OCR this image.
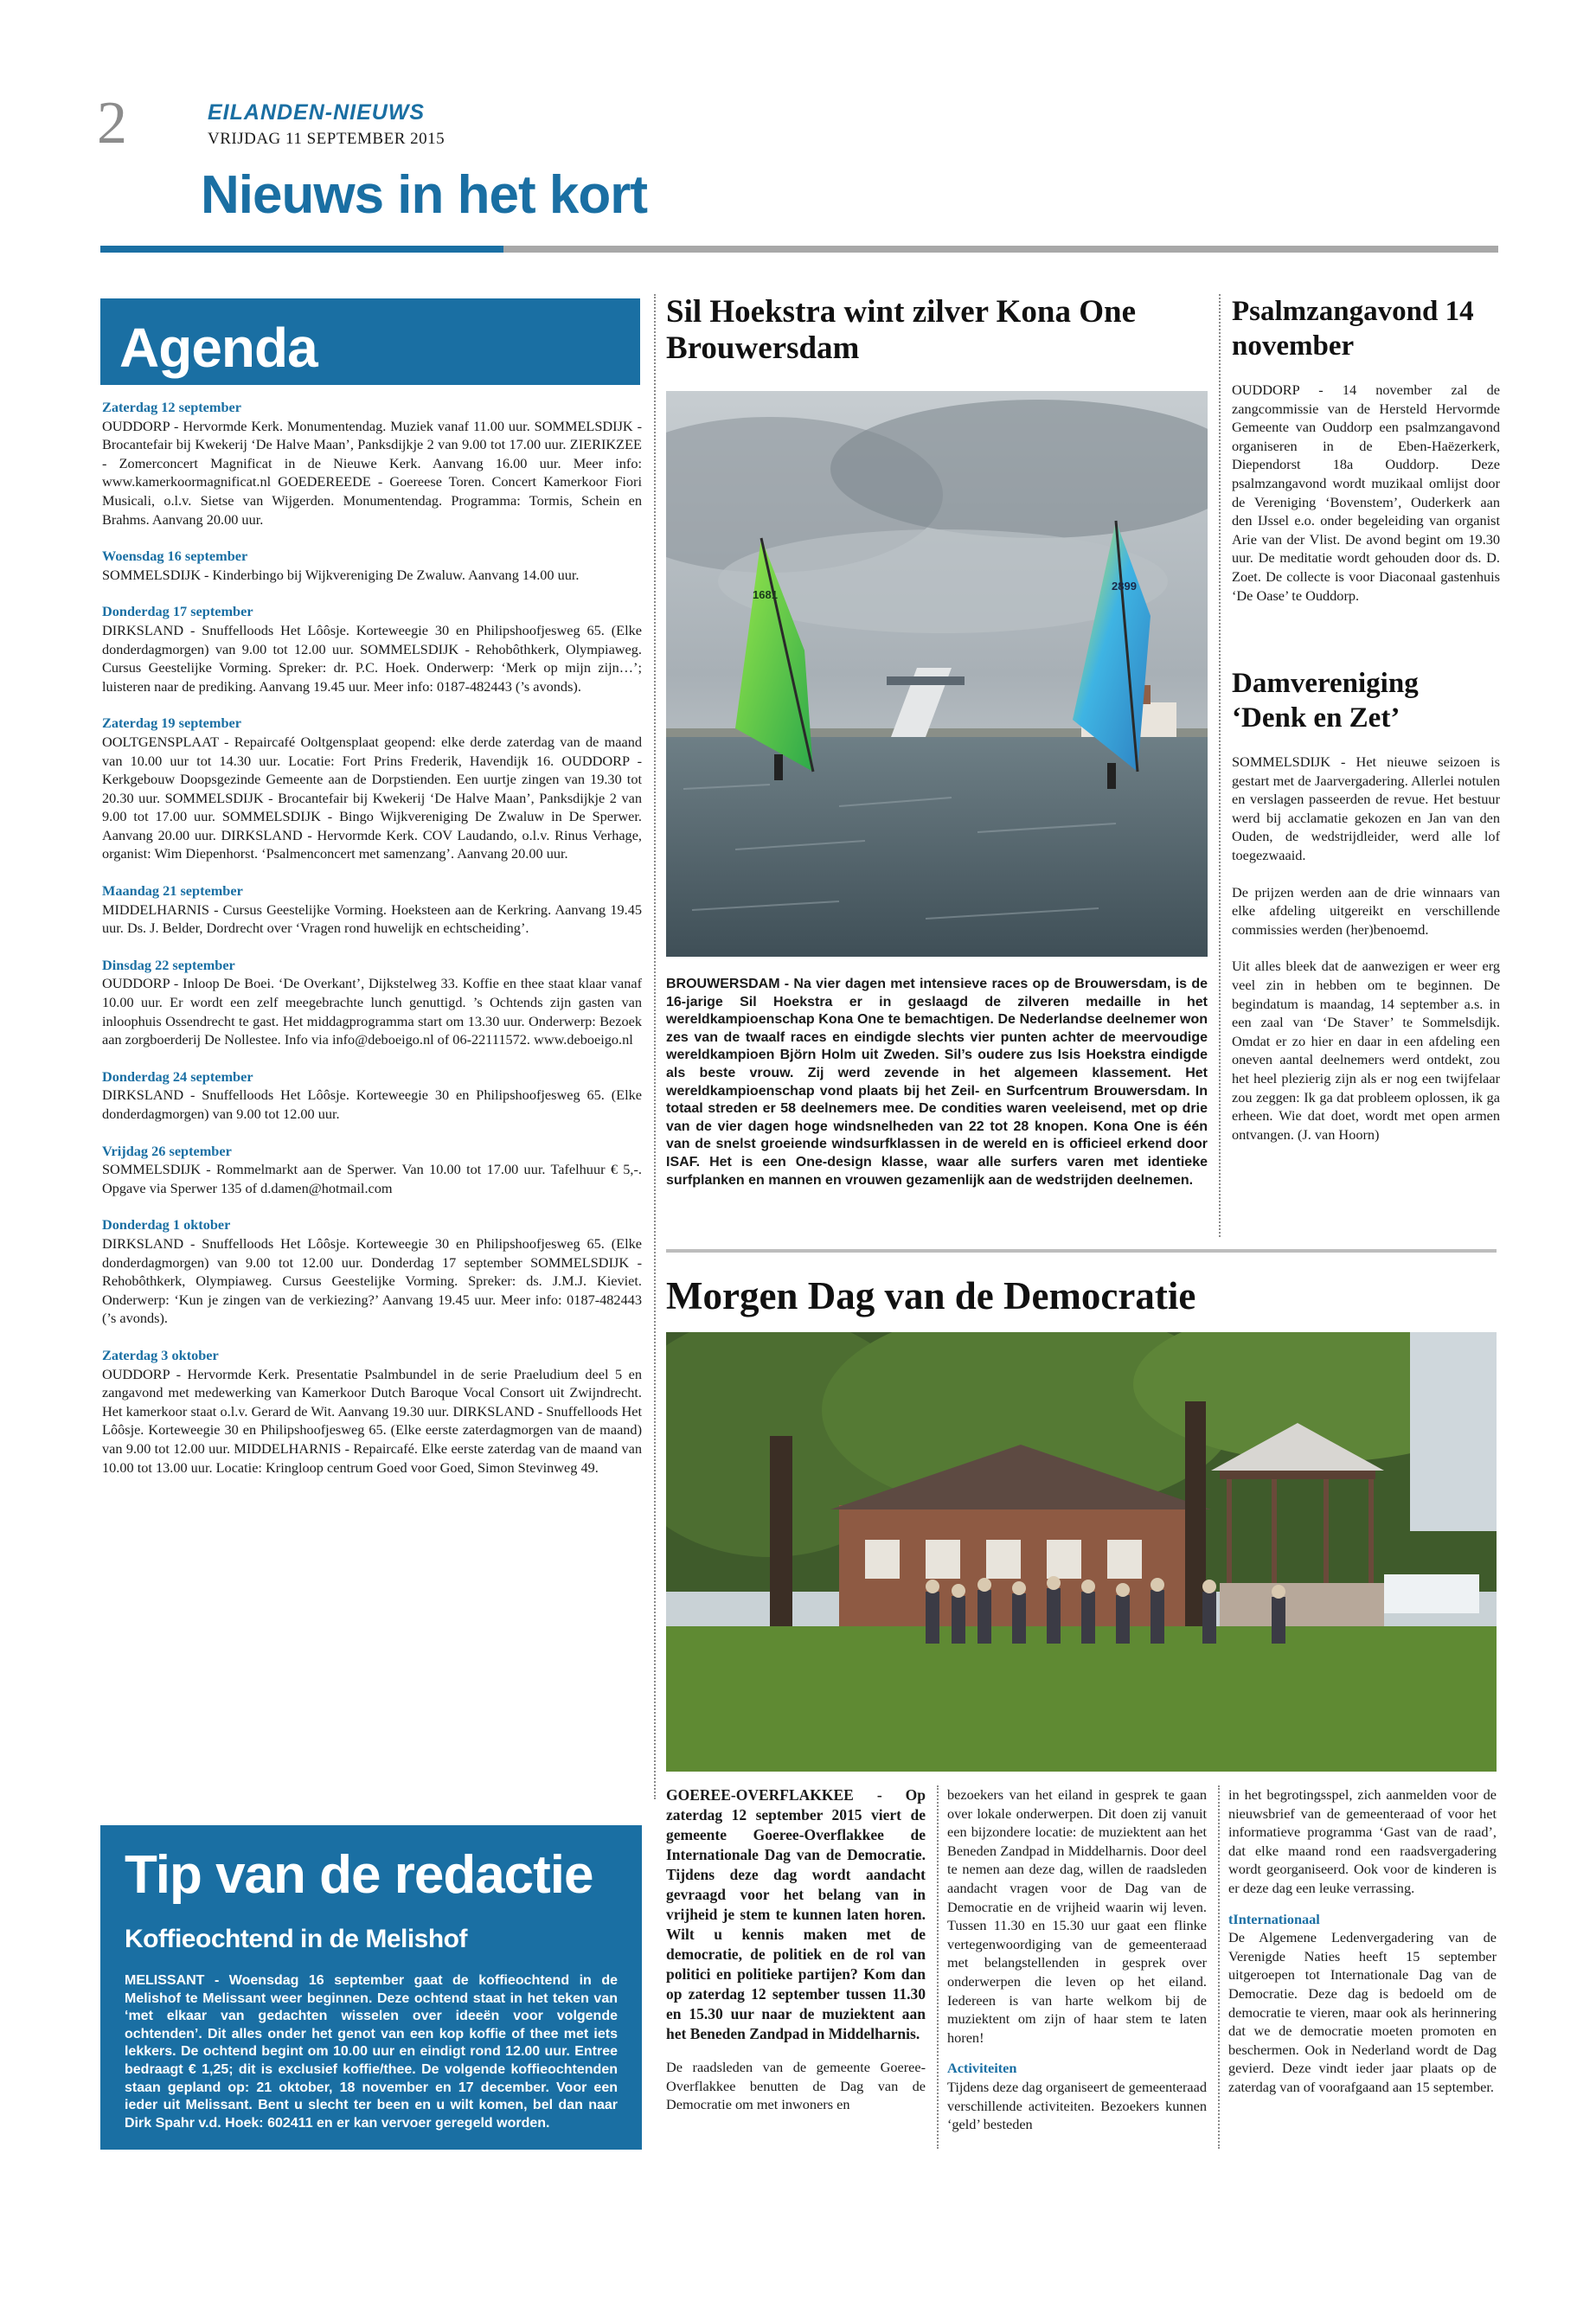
2	EILANDEN-NIEUWS
VRIJDAG 11 SEPTEMBER 2015
Nieuws in het kort
Agenda
Zaterdag 12 september
OUDDORP - Hervormde Kerk. Monumentendag. Muziek vanaf 11.00 uur. SOMMELSDIJK - Brocantefair bij Kwekerij ‘De Halve Maan’, Panksdijkje 2 van 9.00 tot 17.00 uur. ZIERIKZEE - Zomerconcert Magnificat in de Nieuwe Kerk. Aanvang 16.00 uur. Meer info: www.kamerkoormagnificat.nl GOEDEREEDE - Goereese Toren. Concert Kamerkoor Fiori Musicali, o.l.v. Sietse van Wijgerden. Monumentendag. Programma: Tormis, Schein en Brahms. Aanvang 20.00 uur.
Woensdag 16 september
SOMMELSDIJK - Kinderbingo bij Wijkvereniging De Zwaluw. Aanvang 14.00 uur.
Donderdag 17 september
DIRKSLAND - Snuffelloods Het Lôôsje. Korteweegie 30 en Philipshoofjesweg 65. (Elke donderdagmorgen) van 9.00 tot 12.00 uur. SOMMELSDIJK - Rehobôthkerk, Olympiaweg. Cursus Geestelijke Vorming. Spreker: dr. P.C. Hoek. Onderwerp: ‘Merk op mijn zijn…’; luisteren naar de prediking. Aanvang 19.45 uur. Meer info: 0187-482443 (’s avonds).
Zaterdag 19 september
OOLTGENSPLAAT - Repaircafé Ooltgensplaat geopend: elke derde zaterdag van de maand van 10.00 uur tot 14.30 uur. Locatie: Fort Prins Frederik, Havendijk 16. OUDDORP - Kerkgebouw Doopsgezinde Gemeente aan de Dorpstienden. Een uurtje zingen van 19.30 tot 20.30 uur. SOMMELSDIJK - Brocantefair bij Kwekerij ‘De Halve Maan’, Panksdijkje 2 van 9.00 tot 17.00 uur. SOMMELSDIJK - Bingo Wijkvereniging De Zwaluw in De Sperwer. Aanvang 20.00 uur. DIRKSLAND - Hervormde Kerk. COV Laudando, o.l.v. Rinus Verhage, organist: Wim Diepenhorst. ‘Psalmenconcert met samenzang’. Aanvang 20.00 uur.
Maandag 21 september
MIDDELHARNIS - Cursus Geestelijke Vorming. Hoeksteen aan de Kerkring. Aanvang 19.45 uur. Ds. J. Belder, Dordrecht over ‘Vragen rond huwelijk en echtscheiding’.
Dinsdag 22 september
OUDDORP - Inloop De Boei. ‘De Overkant’, Dijkstelweg 33. Koffie en thee staat klaar vanaf 10.00 uur. Er wordt een zelf meegebrachte lunch genuttigd. ’s Ochtends zijn gasten van inloophuis Ossendrecht te gast. Het middagprogramma start om 13.30 uur. Onderwerp: Bezoek aan zorgboerderij De Nollestee. Info via info@deboeigo.nl of 06-22111572. www.deboeigo.nl
Donderdag 24 september
DIRKSLAND - Snuffelloods Het Lôôsje. Korteweegie 30 en Philipshoofjesweg 65. (Elke donderdagmorgen) van 9.00 tot 12.00 uur.
Vrijdag 26 september
SOMMELSDIJK - Rommelmarkt aan de Sperwer. Van 10.00 tot 17.00 uur. Tafelhuur € 5,-. Opgave via Sperwer 135 of d.damen@hotmail.com
Donderdag 1 oktober
DIRKSLAND - Snuffelloods Het Lôôsje. Korteweegie 30 en Philipshoofjesweg 65. (Elke donderdagmorgen) van 9.00 tot 12.00 uur. Donderdag 17 september SOMMELSDIJK - Rehobôthkerk, Olympiaweg. Cursus Geestelijke Vorming. Spreker: ds. J.M.J. Kieviet. Onderwerp: ‘Kun je zingen van de verkiezing?’ Aanvang 19.45 uur. Meer info: 0187-482443 (’s avonds).
Zaterdag 3 oktober
OUDDORP - Hervormde Kerk. Presentatie Psalmbundel in de serie Praeludium deel 5 en zangavond met medewerking van Kamerkoor Dutch Baroque Vocal Consort uit Zwijndrecht. Het kamerkoor staat o.l.v. Gerard de Wit. Aanvang 19.30 uur. DIRKSLAND - Snuffelloods Het Lôôsje. Korteweegie 30 en Philipshoofjesweg 65. (Elke eerste zaterdagmorgen van de maand) van 9.00 tot 12.00 uur. MIDDELHARNIS - Repaircafé. Elke eerste zaterdag van de maand van 10.00 tot 13.00 uur. Locatie: Kringloop centrum Goed voor Goed, Simon Stevinweg 49.
Sil Hoekstra wint zilver Kona One Brouwersdam
1681
2899
BROUWERSDAM - Na vier dagen met intensieve races op de Brouwersdam, is de 16-jarige Sil Hoekstra er in geslaagd de zilveren medaille in het wereldkampioenschap Kona One te bemachtigen. De Nederlandse deelnemer won zes van de twaalf races en eindigde slechts vier punten achter de meervoudige wereldkampioen Björn Holm uit Zweden. Sil’s oudere zus Isis Hoekstra eindigde als beste vrouw. Zij werd zevende in het algemeen klassement. Het wereldkampioenschap vond plaats bij het Zeil- en Surfcentrum Brouwersdam. In totaal streden er 58 deelnemers mee. De condities waren veeleisend, met op drie van de vier dagen hoge windsnelheden van 22 tot 28 knopen. Kona One is één van de snelst groeiende windsurfklassen in de wereld en is officieel erkend door ISAF. Het is een One-design klasse, waar alle surfers varen met identieke surfplanken en mannen en vrouwen gezamenlijk aan de wedstrijden deelnemen.
Psalmzangavond 14 november
OUDDORP - 14 november zal de zangcommissie van de Hersteld Hervormde Gemeente van Ouddorp een psalmzangavond organiseren in de Eben-Haëzerkerk, Diependorst 18a Ouddorp. Deze psalmzangavond wordt muzikaal omlijst door de Vereniging ‘Bovenstem’, Ouderkerk aan den IJssel e.o. onder begeleiding van organist Arie van der Vlist. De avond begint om 19.30 uur. De meditatie wordt gehouden door ds. D. Zoet. De collecte is voor Diaconaal gastenhuis ‘De Oase’ te Ouddorp.
Damvereniging ‘Denk en Zet’

SOMMELSDIJK - Het nieuwe seizoen is gestart met de Jaarvergadering. Allerlei notulen en verslagen passeerden de revue. Het bestuur werd bij acclamatie gekozen en Jan van den Ouden, de wedstrijdleider, werd alle lof toegezwaaid.

De prijzen werden aan de drie winnaars van elke afdeling uitgereikt en verschillende commissies werden (her)benoemd.

Uit alles bleek dat de aanwezigen er weer erg veel zin in hebben om te beginnen. De begindatum is maandag, 14 september a.s. in een zaal van ‘De Staver’ te Sommelsdijk. Omdat er zo hier en daar in een afdeling een oneven aantal deelnemers werd ontdekt, zou het heel plezierig zijn als er nog een twijfelaar zou zeggen: Ik ga dat probleem oplossen, ik ga erheen. Wie dat doet, wordt met open armen ontvangen. (J. van Hoorn)

Morgen Dag van de Democratie

GOEREE-OVERFLAKKEE - Op zaterdag 12 september 2015 viert de gemeente Goeree-Overflakkee de Internationale Dag van de Democratie. Tijdens deze dag wordt aandacht gevraagd voor het belang van in vrijheid je stem te kunnen laten horen. Wilt u kennis maken met de democratie, de politiek en de rol van politici en politieke partijen? Kom dan op zaterdag 12 september tussen 11.30 en 15.30 uur naar de muziektent aan het Beneden Zandpad in Middelharnis.

De raadsleden van de gemeente Goeree-Overflakkee benutten de Dag van de Democratie om met inwoners en

bezoekers van het eiland in gesprek te gaan over lokale onderwerpen. Dit doen zij vanuit een bijzondere locatie: de muziektent aan het Beneden Zandpad in Middelharnis. Door deel te nemen aan deze dag, willen de raadsleden aandacht vragen voor de Dag van de Democratie en de vrijheid waarin wij leven. Tussen 11.30 en 15.30 uur gaat een flinke vertegenwoordiging van de gemeenteraad met belangstellenden in gesprek over onderwerpen die leven op het eiland. Iedereen is van harte welkom bij de muziektent om zijn of haar stem te laten horen!

Activiteiten

Tijdens deze dag organiseert de gemeenteraad verschillende activiteiten. Bezoekers kunnen ‘geld’ besteden

in het begrotingsspel, zich aanmelden voor de nieuwsbrief van de gemeenteraad of voor het informatieve programma ‘Gast van de raad’, dat elke maand rond een raadsvergadering wordt georganiseerd. Ook voor de kinderen is er deze dag een leuke verrassing.

tInternationaal

De Algemene Ledenvergadering van de Verenigde Naties heeft 15 september uitgeroepen tot Internationale Dag van de Democratie. Deze dag is bedoeld om de democratie te vieren, maar ook als herinnering dat we de democratie moeten promoten en beschermen. Ook in Nederland wordt de Dag gevierd. Deze vindt ieder jaar plaats op de zaterdag van of voorafgaand aan 15 september.

Tip van de redactie
Koffieochtend in de Melishof
MELISSANT - Woensdag 16 september gaat de koffieochtend in de Melishof te Melissant weer beginnen. Deze ochtend staat in het teken van ‘met elkaar van gedachten wisselen over ideeën voor volgende ochtenden’. Dit alles onder het genot van een kop koffie of thee met iets lekkers. De ochtend begint om 10.00 uur en eindigt rond 12.00 uur. Entree bedraagt € 1,25; dit is exclusief koffie/thee. De volgende koffieochtenden staan gepland op: 21 oktober, 18 november en 17 december. Voor een ieder uit Melissant. Bent u slecht ter been en u wilt komen, bel dan naar Dirk Spahr v.d. Hoek: 602411 en er kan vervoer geregeld worden.
